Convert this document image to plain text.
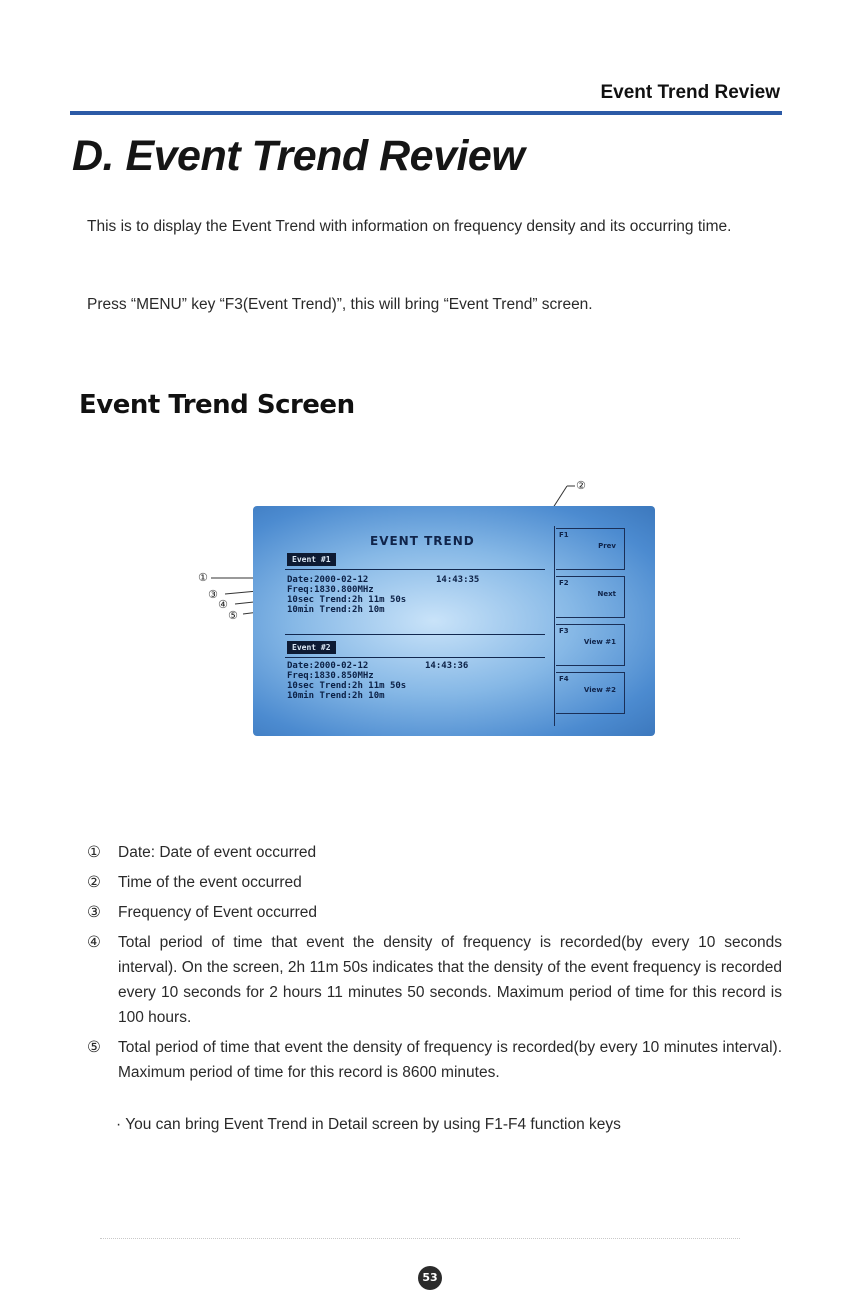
Event Trend Review
D. Event Trend Review
This is to display the Event Trend with information on frequency density and its occurring time.
Press “MENU” key “F3(Event Trend)”, this will bring “Event Trend” screen.
Event Trend Screen
①
③
④
⑤
②
EVENT TREND
Event #1
Date:2000-02-12	14:43:35
Freq:1830.800MHz
10sec Trend:2h 11m 50s
10min Trend:2h 10m
Event #2
Date:2000-02-12	14:43:36
Freq:1830.850MHz
10sec Trend:2h 11m 50s
10min Trend:2h 10m
F1
Prev
F2
Next
F3
View #1
F4
View #2
① Date: Date of event occurred
② Time of the event occurred
③ Frequency of Event occurred
④ Total period of time that event the density of frequency is recorded(by every 10 seconds interval). On the screen, 2h 11m 50s indicates that the density of the event frequency is recorded every 10 seconds for 2 hours 11 minutes 50 seconds. Maximum period of time for this record is 100 hours.
⑤ Total period of time that event the density of frequency is recorded(by every 10 minutes interval). Maximum period of time for this record is 8600 minutes.
· You can bring Event Trend in Detail screen by using F1-F4 function keys
53
